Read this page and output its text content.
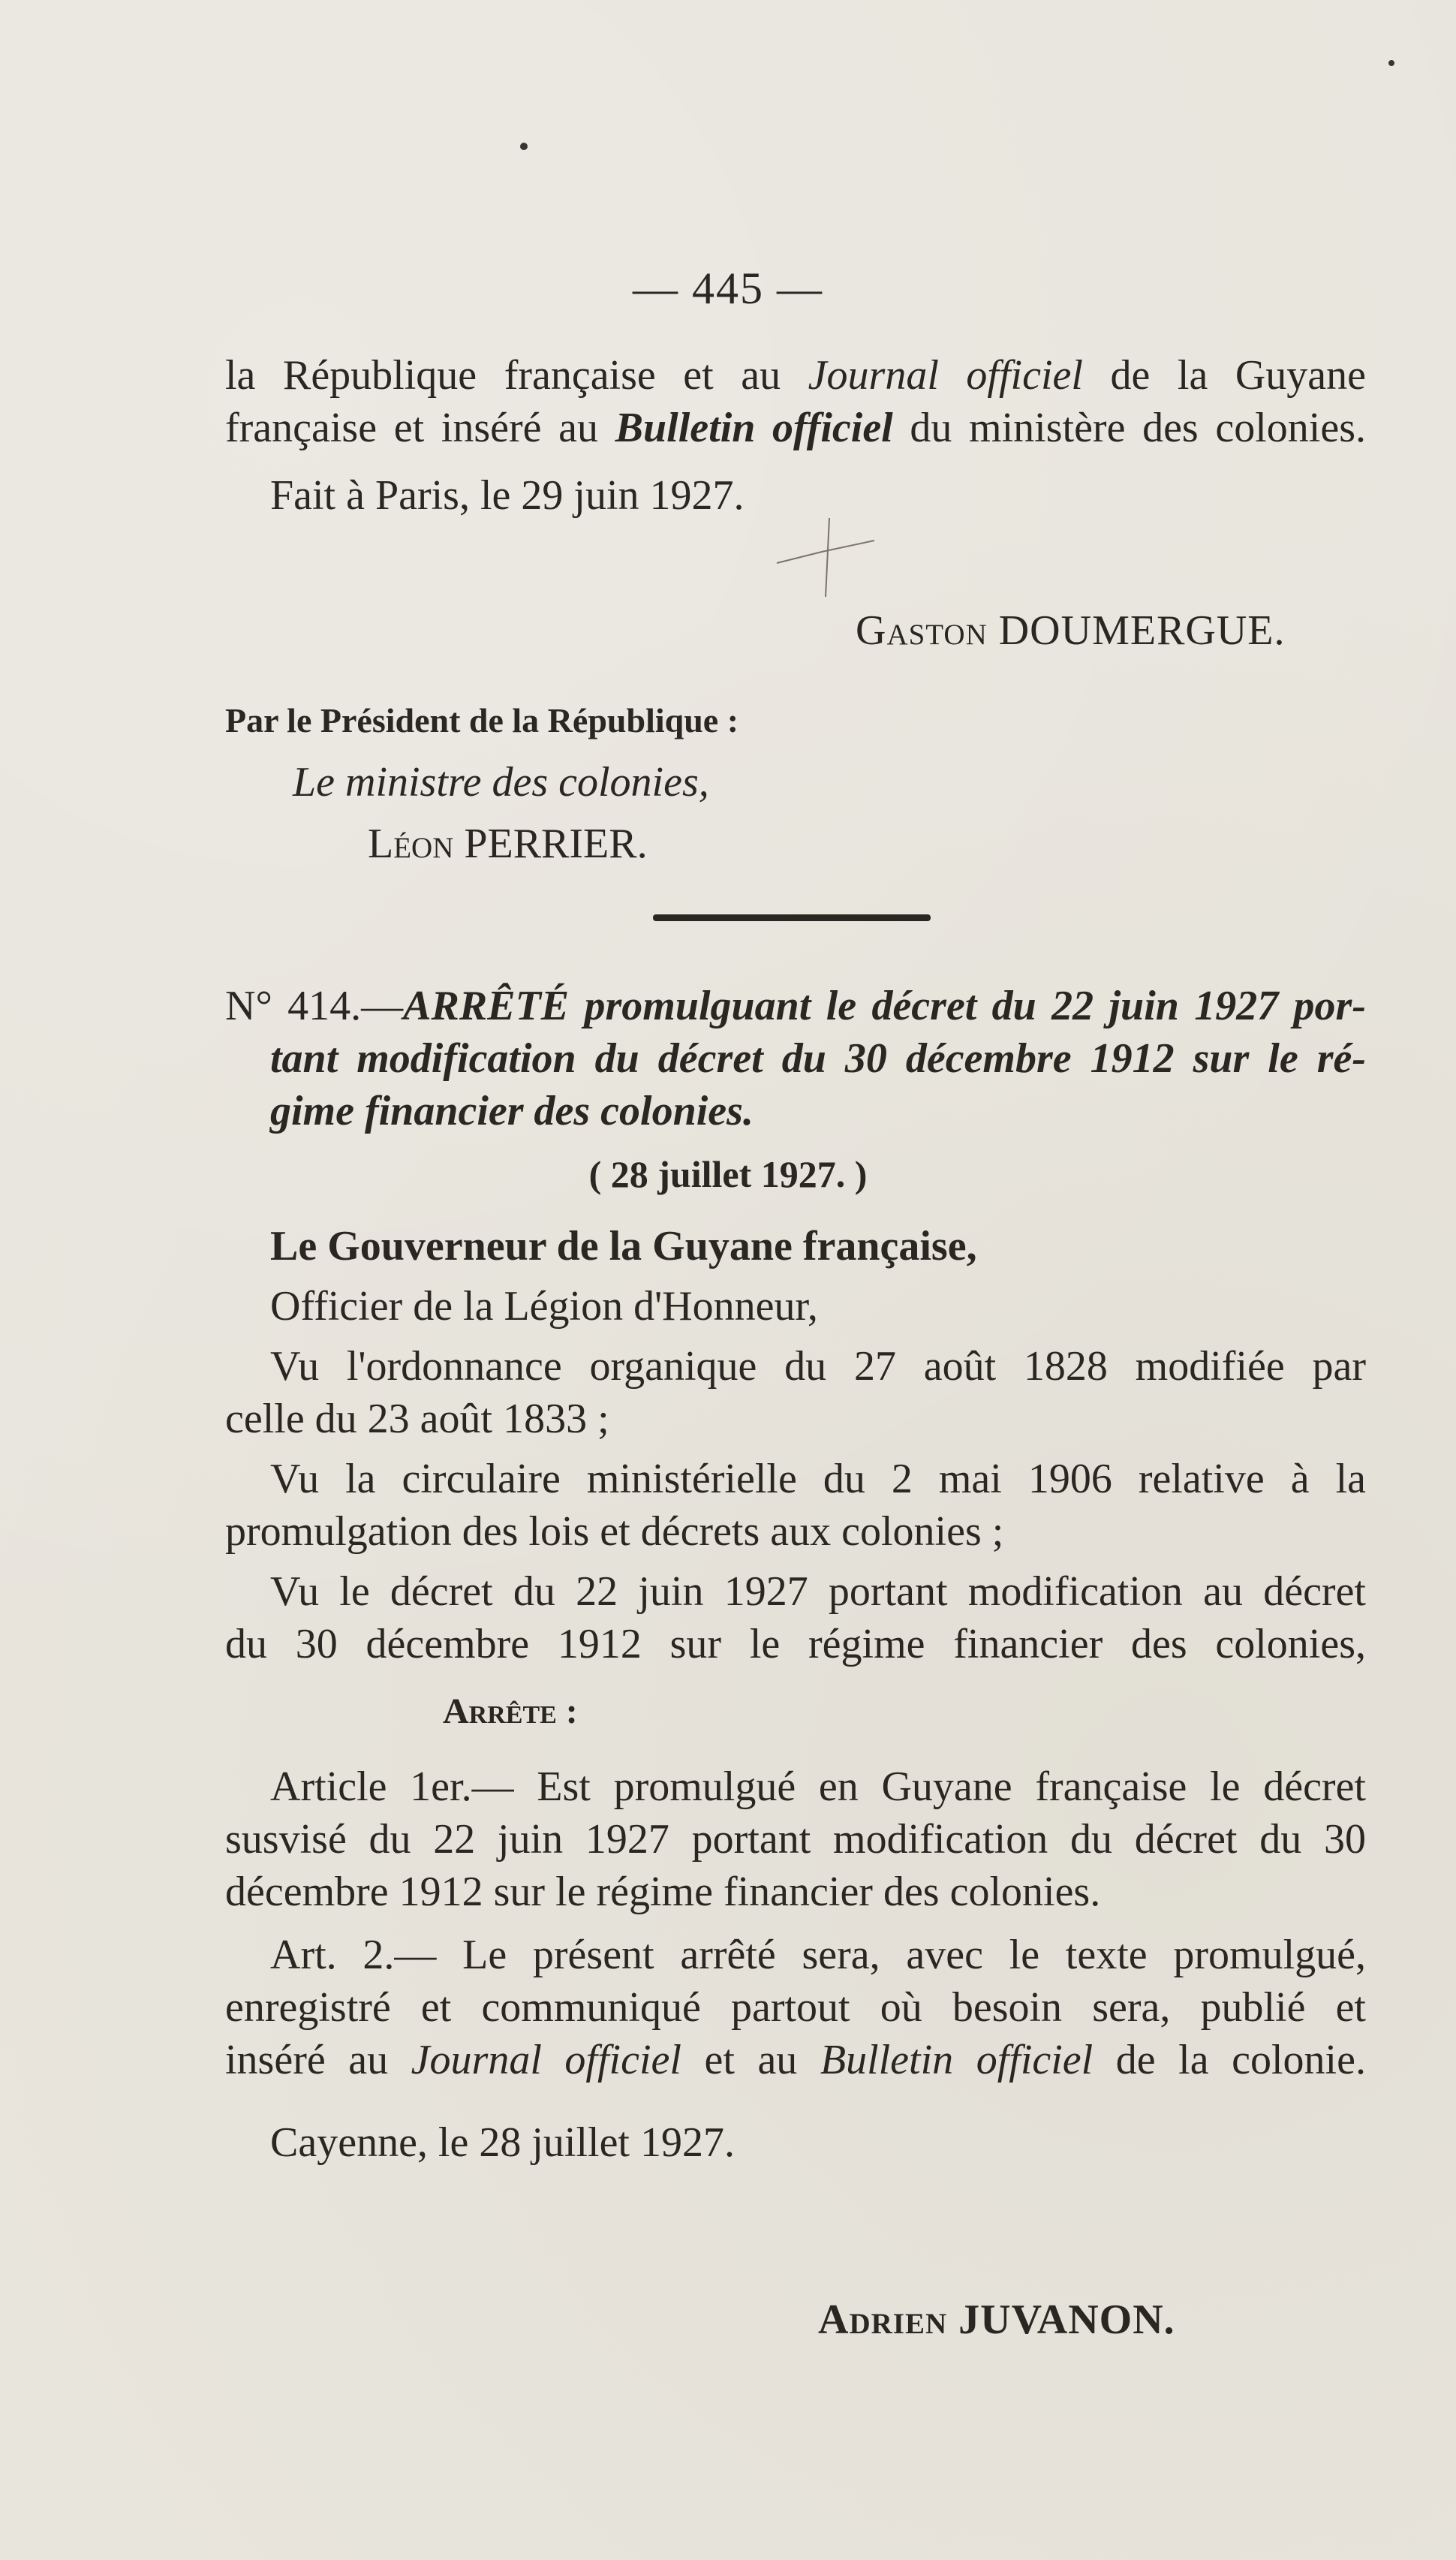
— 445 —
la République française et au Journal officiel de la Guyane
française et inséré au Bulletin officiel du ministère des colonies.
Fait à Paris, le 29 juin 1927.
Gaston DOUMERGUE.
Par le Président de la République :
Le ministre des colonies,
Léon PERRIER.
N° 414.—ARRÊTÉ promulguant le décret du 22 juin 1927 por-
tant modification du décret du 30 décembre 1912 sur le ré-
gime financier des colonies.
( 28 juillet 1927. )
Le Gouverneur de la Guyane française,
Officier de la Légion d'Honneur,
Vu l'ordonnance organique du 27 août 1828 modifiée par
celle du 23 août 1833 ;
Vu la circulaire ministérielle du 2 mai 1906 relative à la
promulgation des lois et décrets aux colonies ;
Vu le décret du 22 juin 1927 portant modification au décret
du 30 décembre 1912 sur le régime financier des colonies,
Arrête :
Article 1er.— Est promulgué en Guyane française le décret
susvisé du 22 juin 1927 portant modification du décret du 30
décembre 1912 sur le régime financier des colonies.
Art. 2.— Le présent arrêté sera, avec le texte promulgué,
enregistré et communiqué partout où besoin sera, publié et
inséré au Journal officiel et au Bulletin officiel de la colonie.
Cayenne, le 28 juillet 1927.
Adrien JUVANON.
